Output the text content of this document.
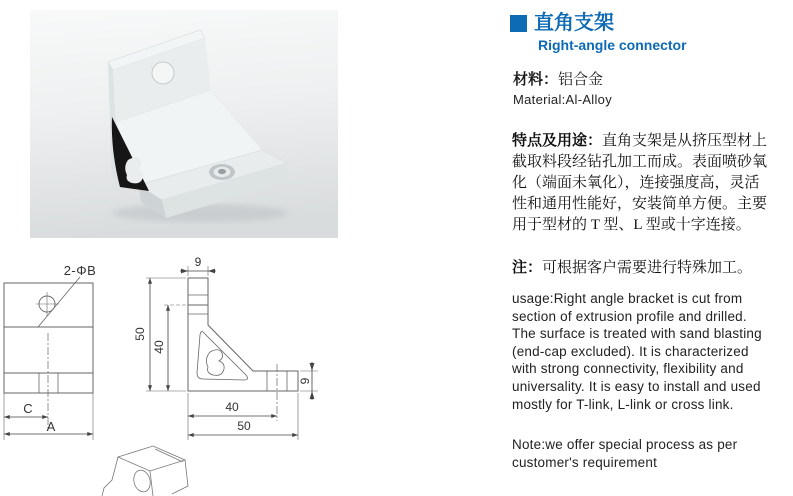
2-ΦB
C
A
9
50
40
40
50
9
直角支架
Right-angle connector
材料：铝合金
Material:Al-Alloy
特点及用途：直角支架是从挤压型材上
截取料段经钻孔加工而成。表面喷砂氧
化（端面未氧化），连接强度高，灵活
性和通用性能好，安装简单方便。主要
用于型材的 T 型、L 型或十字连接。
注：可根据客户需要进行特殊加工。
usage:Right angle bracket is cut from
section of extrusion profile and drilled.
The surface is treated with sand blasting
(end-cap excluded). It is characterized
with strong connectivity, flexibility and
universality. It is easy to install and used
mostly for T-link, L-link or cross link.
Note:we offer special process as per
customer's requirement
